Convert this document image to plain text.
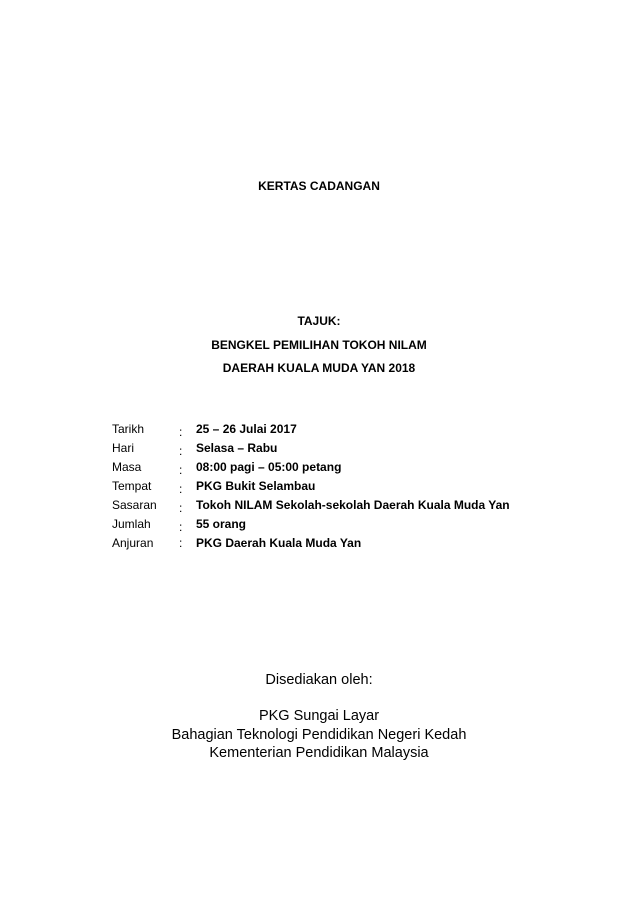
KERTAS CADANGAN
TAJUK:
BENGKEL PEMILIHAN TOKOH NILAM
DAERAH KUALA MUDA YAN 2018
Tarikh	: 25 – 26 Julai 2017
Hari	: Selasa – Rabu
Masa	: 08:00 pagi – 05:00 petang
Tempat : PKG Bukit Selambau
Sasaran : Tokoh NILAM Sekolah-sekolah Daerah Kuala Muda Yan
Jumlah : 55 orang
Anjuran : PKG Daerah Kuala Muda Yan
Disediakan oleh:
PKG Sungai Layar
Bahagian Teknologi Pendidikan Negeri Kedah
Kementerian Pendidikan Malaysia
